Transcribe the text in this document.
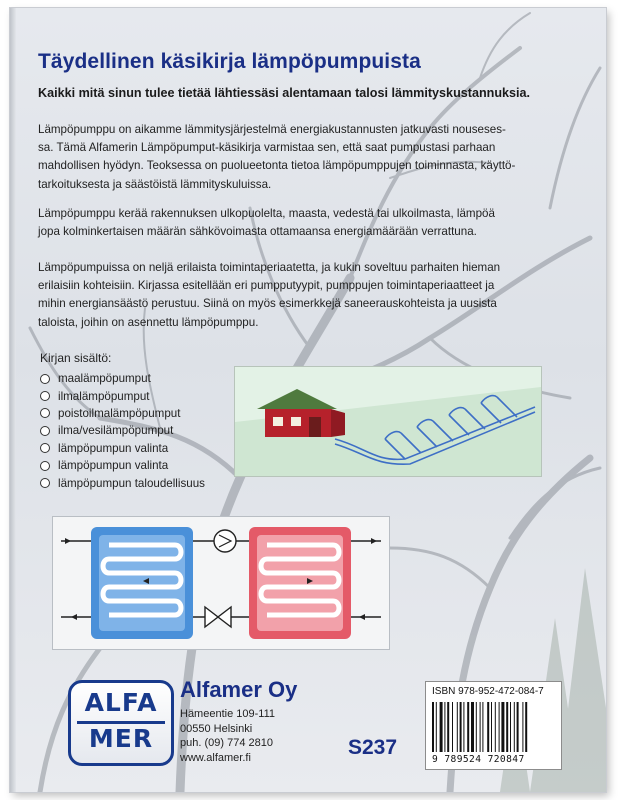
Täydellinen käsikirja lämpöpumpuista
Kaikki mitä sinun tulee tietää lähtiessäsi alentamaan talosi lämmityskustannuksia.
Lämpöpumppu on aikamme lämmitysjärjestelmä energiakustannusten jatkuvasti nouseses-
sa. Tämä Alfamerin Lämpöpumput-käsikirja varmistaa sen, että saat pumpustasi parhaan
mahdollisen hyödyn. Teoksessa on puolueetonta tietoa lämpöpumppujen toiminnasta, käyttö-
tarkoituksesta ja säästöistä lämmityskuluissa.
Lämpöpumppu kerää rakennuksen ulkopuolelta, maasta, vedestä tai ulkoilmasta, lämpöä
jopa kolminkertaisen määrän sähkövoimasta ottamaansa energiamäärään verrattuna.
Lämpöpumpuissa on neljä erilaista toimintaperiaatetta, ja kukin soveltuu parhaiten hieman
erilaisiin kohteisiin. Kirjassa esitellään eri pumpputyypit, pumppujen toimintaperiaatteet ja
mihin energiansäästö perustuu. Siinä on myös esimerkkejä saneerauskohteista ja uusista
taloista, joihin on asennettu lämpöpumppu.
Kirjan sisältö:
maalämpöpumput
ilmalämpöpumput
poistoilmalämpöpumput
ilma/vesilämpöpumput
lämpöpumpun valinta
lämpöpumpun valinta
lämpöpumpun taloudellisuus
ALFA
MER
Alfamer Oy
Hämeentie 109-111
00550 Helsinki
puh. (09) 774 2810
www.alfamer.fi	S237
ISBN 978-952-472-084-7
9 789524 720847
